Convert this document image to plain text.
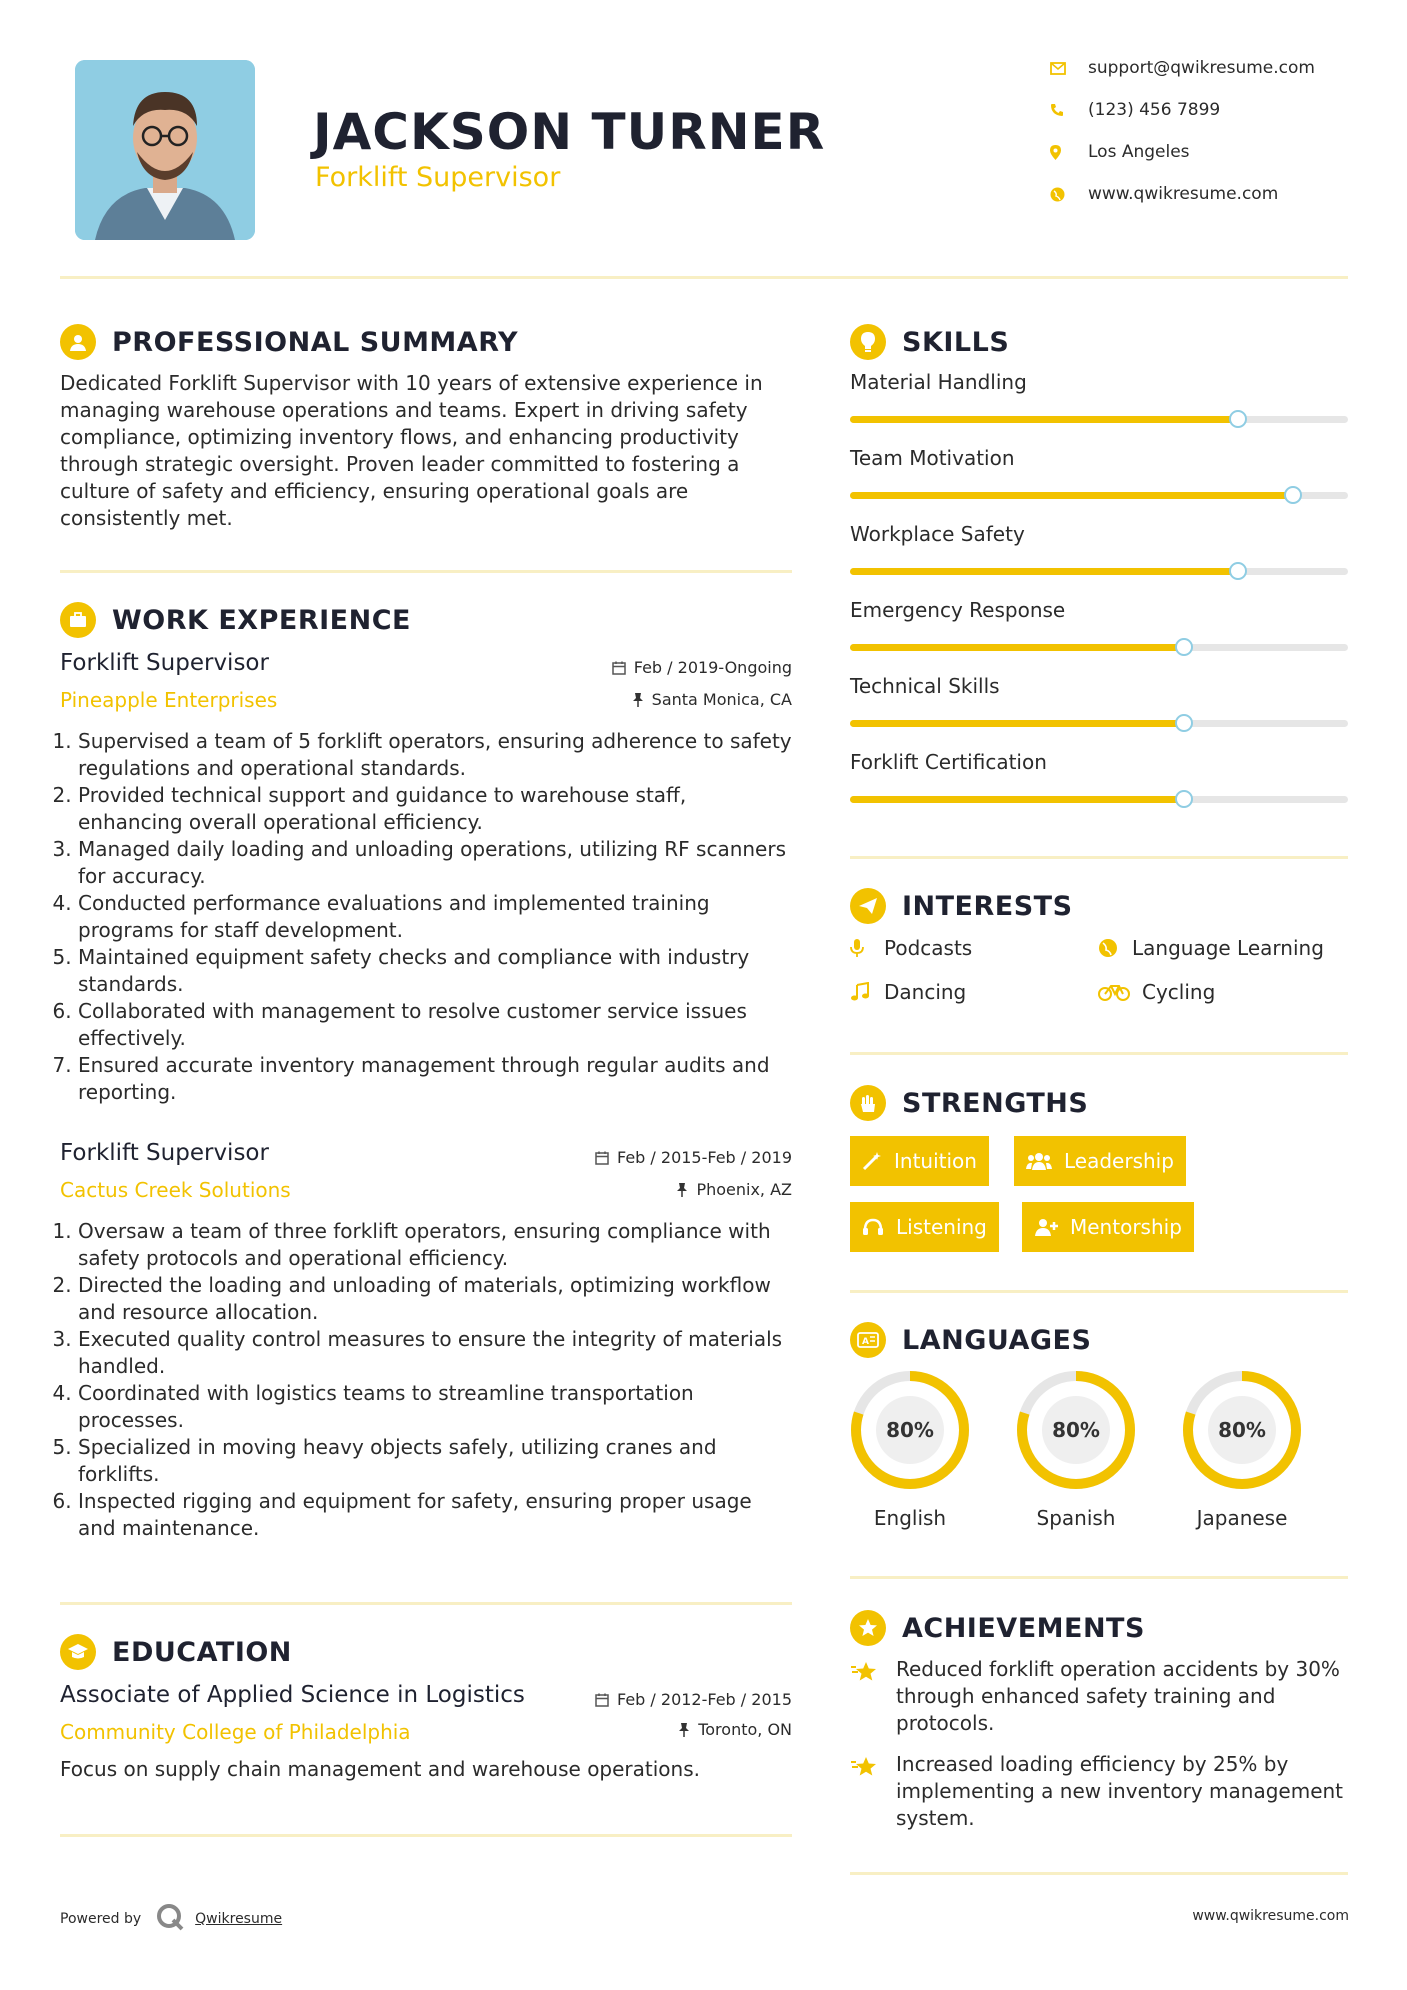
JACKSON TURNER
Forklift Supervisor
support@qwikresume.com
(123) 456 7899
Los Angeles
www.qwikresume.com
PROFESSIONAL SUMMARY
Dedicated Forklift Supervisor with 10 years of extensive experience in managing warehouse operations and teams. Expert in driving safety compliance, optimizing inventory flows, and enhancing productivity through strategic oversight. Proven leader committed to fostering a culture of safety and efficiency, ensuring operational goals are consistently met.
WORK EXPERIENCE
Forklift Supervisor	Feb / 2019-Ongoing
Pineapple Enterprises	Santa Monica, CA
1. Supervised a team of 5 forklift operators, ensuring adherence to safety regulations and operational standards.
2. Provided technical support and guidance to warehouse staff, enhancing overall operational efficiency.
3. Managed daily loading and unloading operations, utilizing RF scanners for accuracy.
4. Conducted performance evaluations and implemented training programs for staff development.
5. Maintained equipment safety checks and compliance with industry standards.
6. Collaborated with management to resolve customer service issues effectively.
7. Ensured accurate inventory management through regular audits and reporting.
Forklift Supervisor	Feb / 2015-Feb / 2019
Cactus Creek Solutions	Phoenix, AZ
1. Oversaw a team of three forklift operators, ensuring compliance with safety protocols and operational efficiency.
2. Directed the loading and unloading of materials, optimizing workflow and resource allocation.
3. Executed quality control measures to ensure the integrity of materials handled.
4. Coordinated with logistics teams to streamline transportation processes.
5. Specialized in moving heavy objects safely, utilizing cranes and forklifts.
6. Inspected rigging and equipment for safety, ensuring proper usage and maintenance.
EDUCATION
Associate of Applied Science in Logistics	Feb / 2012-Feb / 2015
Community College of Philadelphia	Toronto, ON
Focus on supply chain management and warehouse operations.
SKILLS
Material Handling
Team Motivation
Workplace Safety
Emergency Response
Technical Skills
Forklift Certification
INTERESTS
Podcasts	Language Learning
Dancing	Cycling
STRENGTHS
Intuition	Leadership
Listening	Mentorship
A LANGUAGES
80%
English
80%
Spanish
80%
Japanese
ACHIEVEMENTS
Reduced forklift operation accidents by 30% through enhanced safety training and protocols.
Increased loading efficiency by 25% by implementing a new inventory management system.
Powered by	Qwikresume	www.qwikresume.com
